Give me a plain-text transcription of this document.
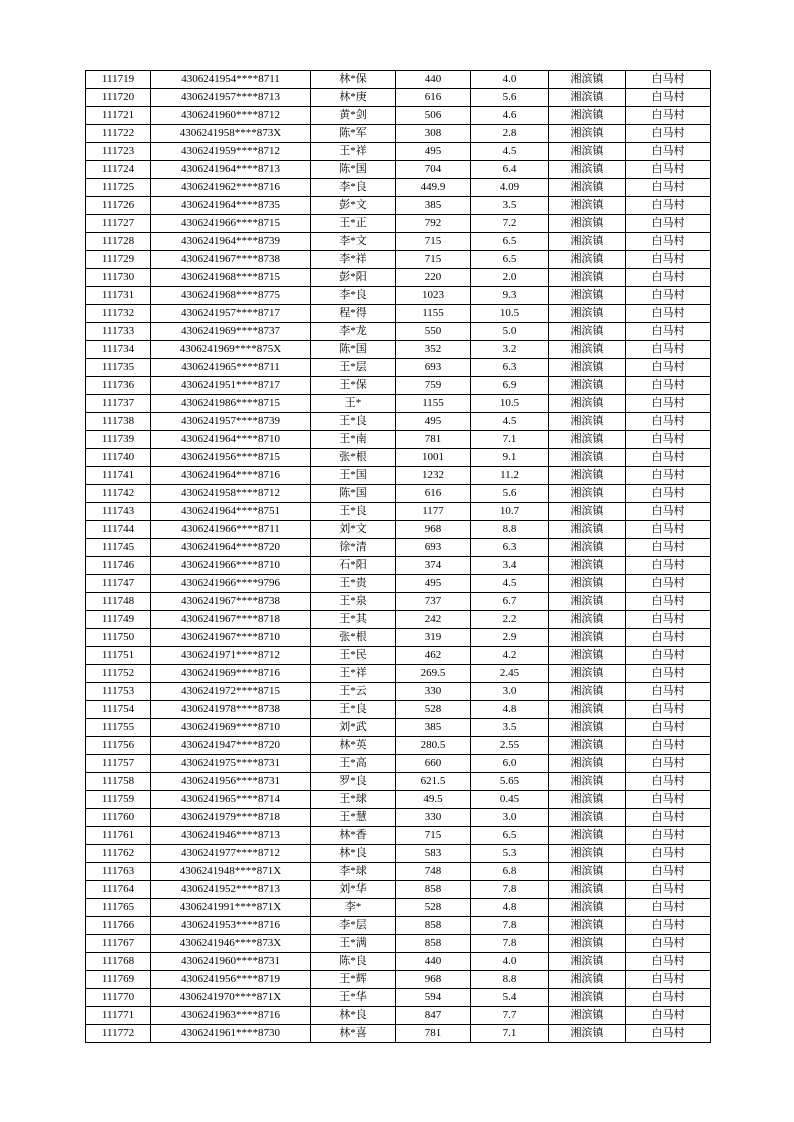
111719	4306241954****8711	林*保	440	4.0	湘滨镇	白马村
111720	4306241957****8713	林*庚	616	5.6	湘滨镇	白马村
111721	4306241960****8712	黄*剑	506	4.6	湘滨镇	白马村
111722	4306241958****873X	陈*军	308	2.8	湘滨镇	白马村
111723	4306241959****8712	王*祥	495	4.5	湘滨镇	白马村
111724	4306241964****8713	陈*国	704	6.4	湘滨镇	白马村
111725	4306241962****8716	李*良	449.9	4.09	湘滨镇	白马村
111726	4306241964****8735	彭*文	385	3.5	湘滨镇	白马村
111727	4306241966****8715	王*正	792	7.2	湘滨镇	白马村
111728	4306241964****8739	李*文	715	6.5	湘滨镇	白马村
111729	4306241967****8738	李*祥	715	6.5	湘滨镇	白马村
111730	4306241968****8715	彭*阳	220	2.0	湘滨镇	白马村
111731	4306241968****8775	李*良	1023	9.3	湘滨镇	白马村
111732	4306241957****8717	程*得	1155	10.5	湘滨镇	白马村
111733	4306241969****8737	李*龙	550	5.0	湘滨镇	白马村
111734	4306241969****875X	陈*国	352	3.2	湘滨镇	白马村
111735	4306241965****8711	王*层	693	6.3	湘滨镇	白马村
111736	4306241951****8717	王*保	759	6.9	湘滨镇	白马村
111737	4306241986****8715	王*	1155	10.5	湘滨镇	白马村
111738	4306241957****8739	王*良	495	4.5	湘滨镇	白马村
111739	4306241964****8710	王*南	781	7.1	湘滨镇	白马村
111740	4306241956****8715	张*根	1001	9.1	湘滨镇	白马村
111741	4306241964****8716	王*国	1232	11.2	湘滨镇	白马村
111742	4306241958****8712	陈*国	616	5.6	湘滨镇	白马村
111743	4306241964****8751	王*良	1177	10.7	湘滨镇	白马村
111744	4306241966****8711	刘*文	968	8.8	湘滨镇	白马村
111745	4306241964****8720	徐*清	693	6.3	湘滨镇	白马村
111746	4306241966****8710	石*阳	374	3.4	湘滨镇	白马村
111747	4306241966****9796	王*贵	495	4.5	湘滨镇	白马村
111748	4306241967****8738	王*泉	737	6.7	湘滨镇	白马村
111749	4306241967****8718	王*其	242	2.2	湘滨镇	白马村
111750	4306241967****8710	张*根	319	2.9	湘滨镇	白马村
111751	4306241971****8712	王*民	462	4.2	湘滨镇	白马村
111752	4306241969****8716	王*祥	269.5	2.45	湘滨镇	白马村
111753	4306241972****8715	王*云	330	3.0	湘滨镇	白马村
111754	4306241978****8738	王*良	528	4.8	湘滨镇	白马村
111755	4306241969****8710	刘*武	385	3.5	湘滨镇	白马村
111756	4306241947****8720	林*英	280.5	2.55	湘滨镇	白马村
111757	4306241975****8731	王*高	660	6.0	湘滨镇	白马村
111758	4306241956****8731	罗*良	621.5	5.65	湘滨镇	白马村
111759	4306241965****8714	王*球	49.5	0.45	湘滨镇	白马村
111760	4306241979****8718	王*慧	330	3.0	湘滨镇	白马村
111761	4306241946****8713	林*香	715	6.5	湘滨镇	白马村
111762	4306241977****8712	林*良	583	5.3	湘滨镇	白马村
111763	4306241948****871X	李*球	748	6.8	湘滨镇	白马村
111764	4306241952****8713	刘*华	858	7.8	湘滨镇	白马村
111765	4306241991****871X	李*	528	4.8	湘滨镇	白马村
111766	4306241953****8716	李*层	858	7.8	湘滨镇	白马村
111767	4306241946****873X	王*满	858	7.8	湘滨镇	白马村
111768	4306241960****8731	陈*良	440	4.0	湘滨镇	白马村
111769	4306241956****8719	王*辉	968	8.8	湘滨镇	白马村
111770	4306241970****871X	王*华	594	5.4	湘滨镇	白马村
111771	4306241963****8716	林*良	847	7.7	湘滨镇	白马村
111772	4306241961****8730	林*喜	781	7.1	湘滨镇	白马村
